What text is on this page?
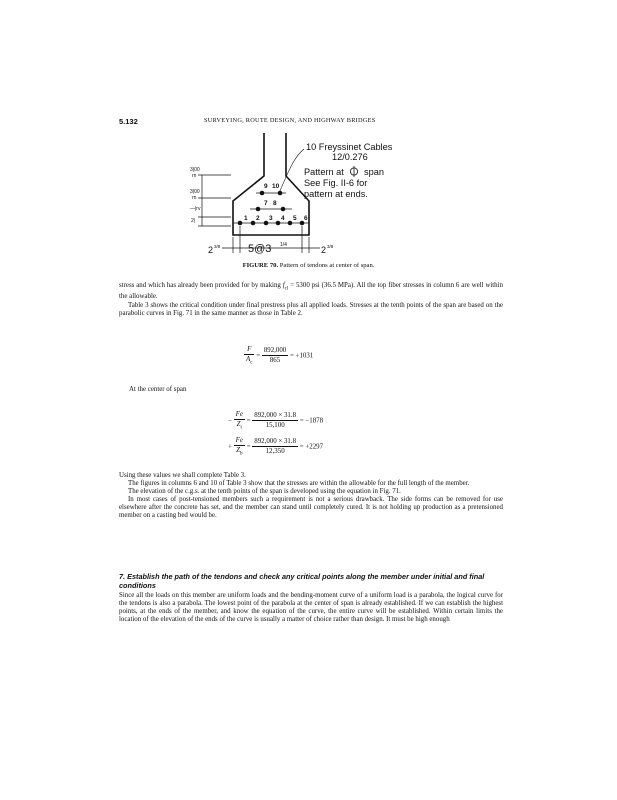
5.132	SURVEYING, ROUTE DESIGN, AND HIGHWAY BRIDGES
3|00
rn
3|00
rn
—|rv
2|
9 10
7 8
1 2 3 4 5 6
5@3 1/4
2 3/8	2 3/8
10 Freyssinet Cables
12/0.276
Pattern at span
See Fig. II-6 for
pattern at ends.
FIGURE 70. Pattern of tendons at center of span.

stress and which has already been provided for by making $f_{cl} = 5300$ psi (36.5 MPa). All the top fiber stresses in column 6 are well within the allowable.

Table 3 shows the critical condition under final prestress plus all applied loads. Stresses at the tenth points of the span are based on the parabolic curves in Fig. 71 in the same manner as those in Table 2.

$\frac{F}{A_c} = \frac{892,000}{865} = +1031$
At the center of span
− $\frac{Fe}{Z_t} = \frac{892,000 \times 31.8}{15,100} = -1878$
+ $\frac{Fe}{Z_b} = \frac{892,000 \times 31.8}{12,350} = +2297$

Using these values we shall complete Table 3.

The figures in columns 6 and 10 of Table 3 show that the stresses are within the allowable for the full length of the member.

The elevation of the c.g.s. at the tenth points of the span is developed using the equation in Fig. 71.

In most cases of post-tensioned members such a requirement is not a serious drawback. The side forms can be removed for use elsewhere after the concrete has set, and the member can stand until completely cured. It is not holding up production as a pretensioned member on a casting bed would be.

7. Establish the path of the tendons and check any critical points along the member under initial and final conditions

Since all the loads on this member are uniform loads and the bending-moment curve of a uniform load is a parabola, the logical curve for the tendons is also a parabola. The lowest point of the parabola at the center of span is already established. If we can establish the highest points, at the ends of the member, and know the equation of the curve, the entire curve will be established. Within certain limits the location of the elevation of the ends of the curve is usually a matter of choice rather than design. It must be high enough
